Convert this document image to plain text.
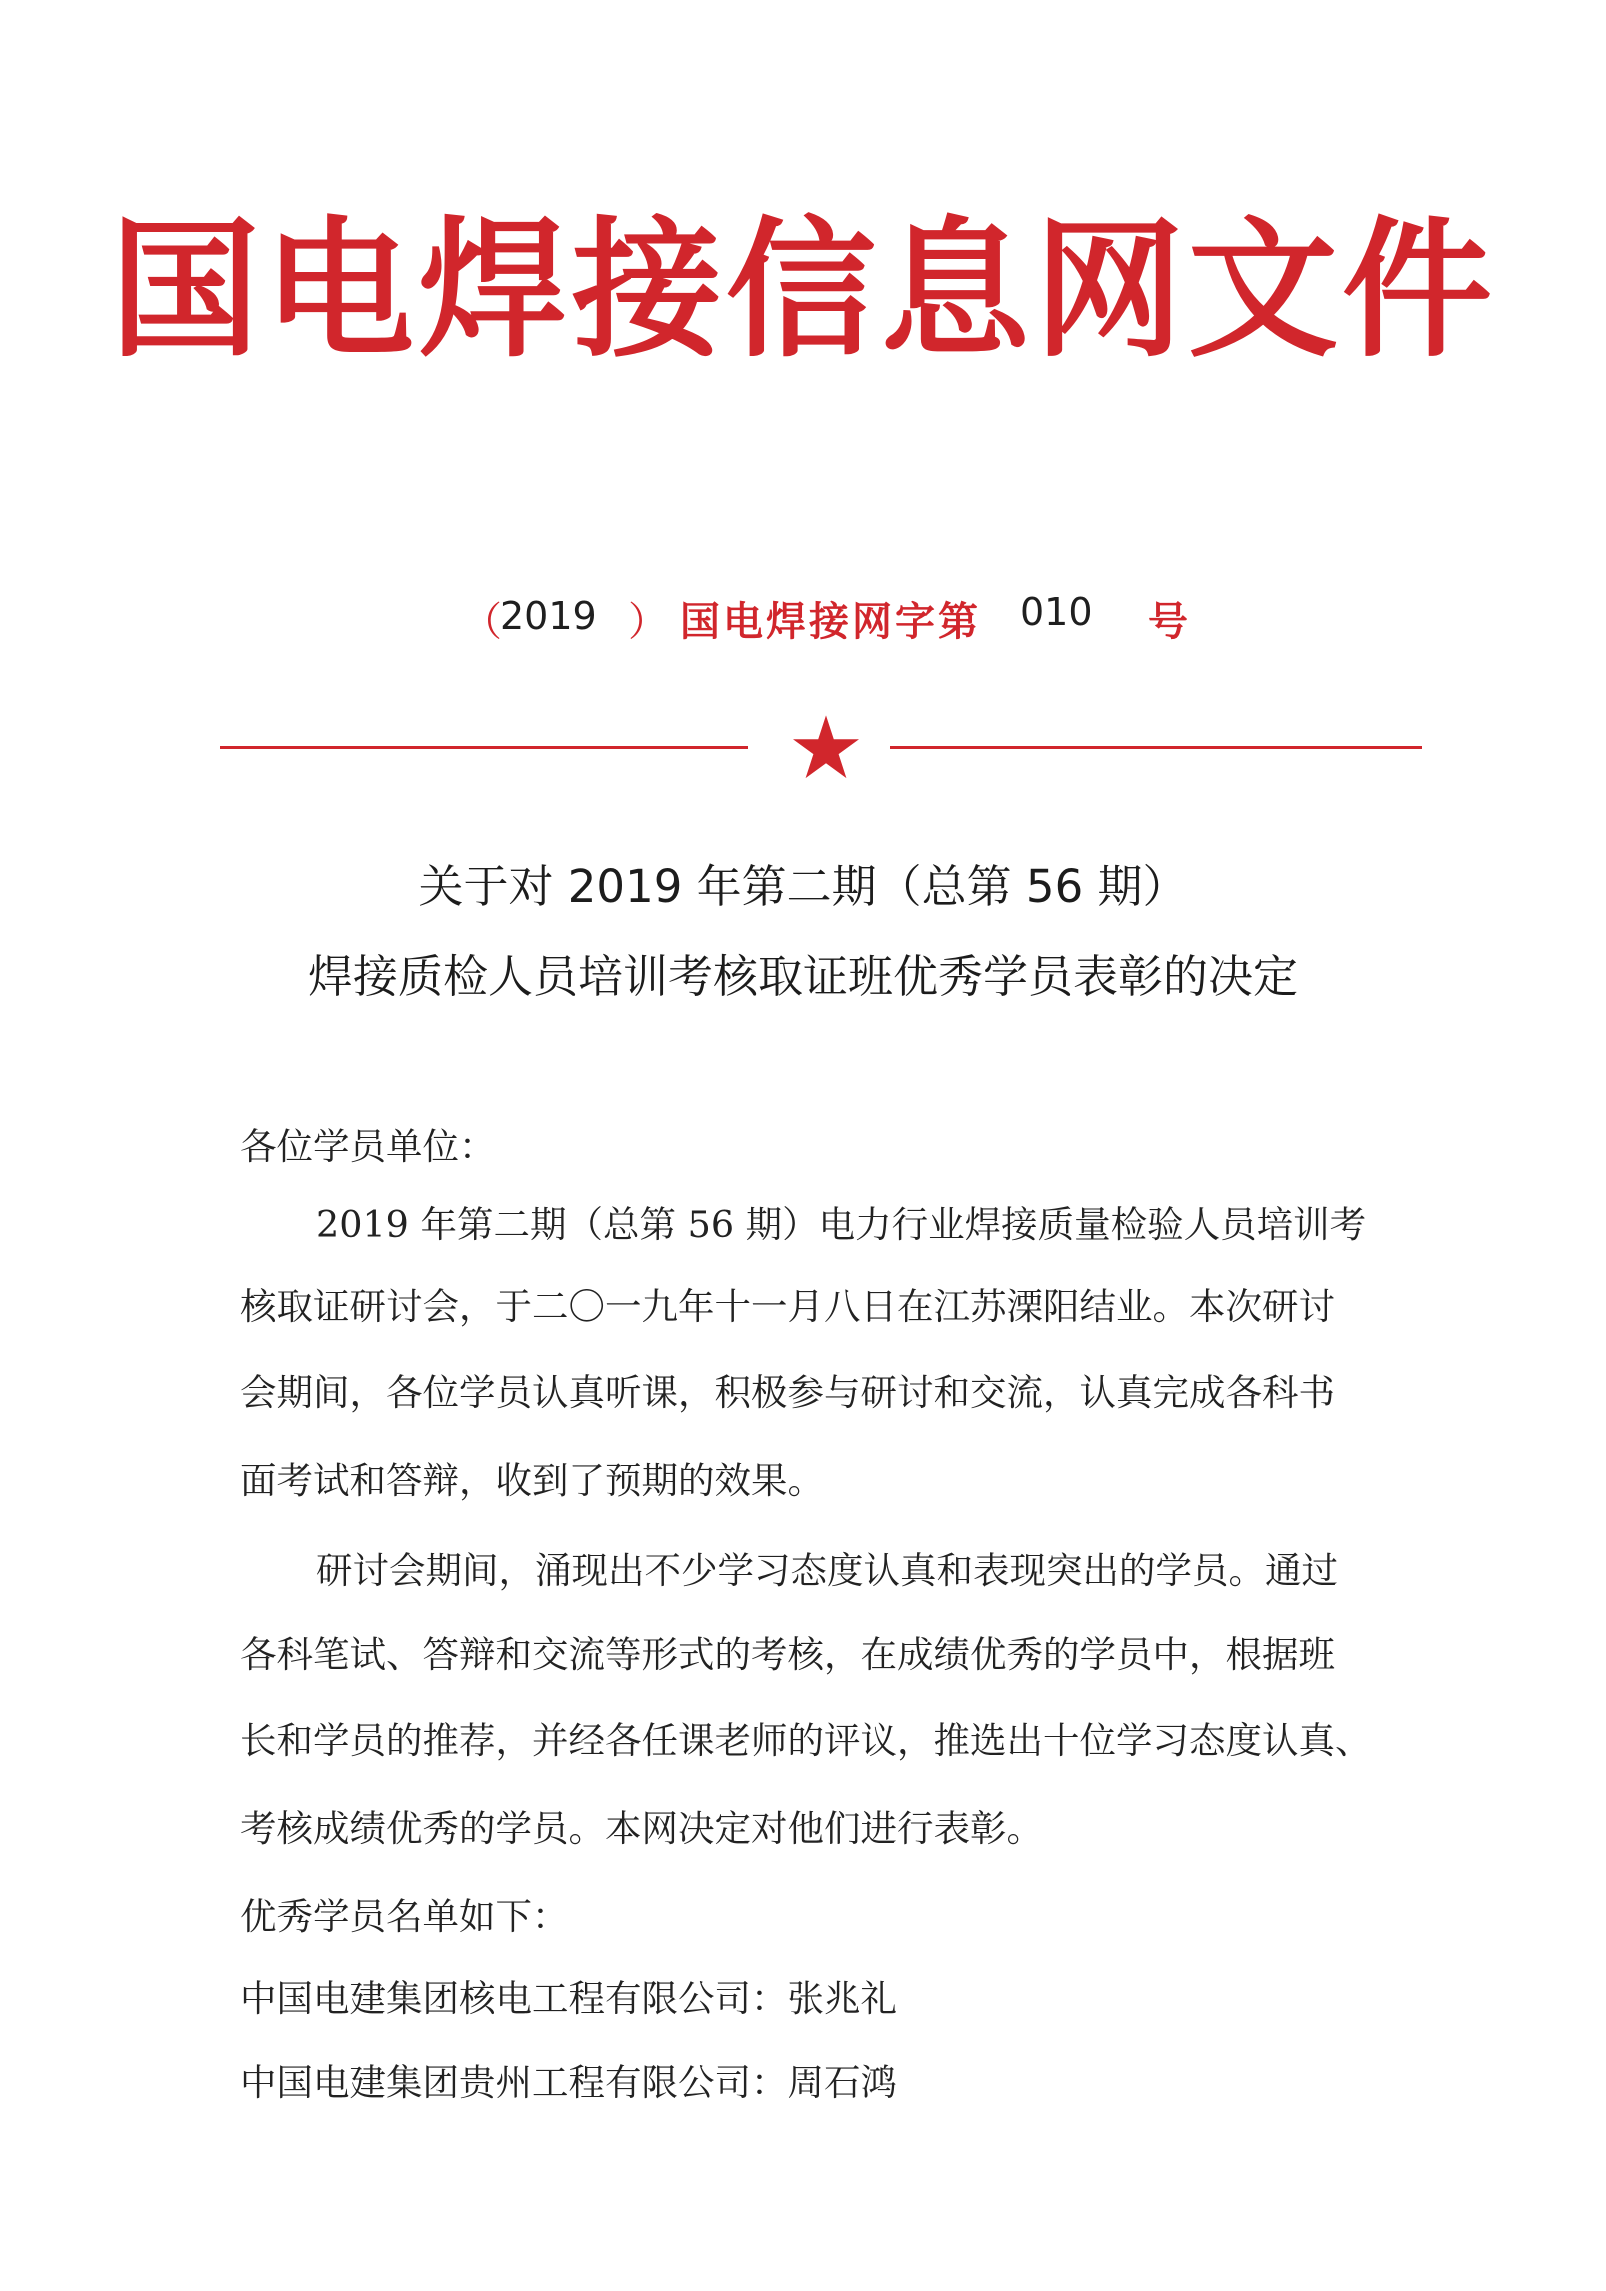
国电焊接信息网文件
（
2019 ） 国电焊接网字第 010 号
关于对 2019 年第二期（总第 56 期）
焊接质检人员培训考核取证班优秀学员表彰的决定
各位学员单位：
2019 年第二期（总第 56 期）电力行业焊接质量检验人员培训考
核取证研讨会，于二〇一九年十一月八日在江苏溧阳结业。本次研讨
会期间，各位学员认真听课，积极参与研讨和交流，认真完成各科书
面考试和答辩，收到了预期的效果。
研讨会期间，涌现出不少学习态度认真和表现突出的学员。通过
各科笔试、答辩和交流等形式的考核，在成绩优秀的学员中，根据班
长和学员的推荐，并经各任课老师的评议，推选出十位学习态度认真、
考核成绩优秀的学员。本网决定对他们进行表彰。
优秀学员名单如下：
中国电建集团核电工程有限公司：张兆礼
中国电建集团贵州工程有限公司：周石鸿
